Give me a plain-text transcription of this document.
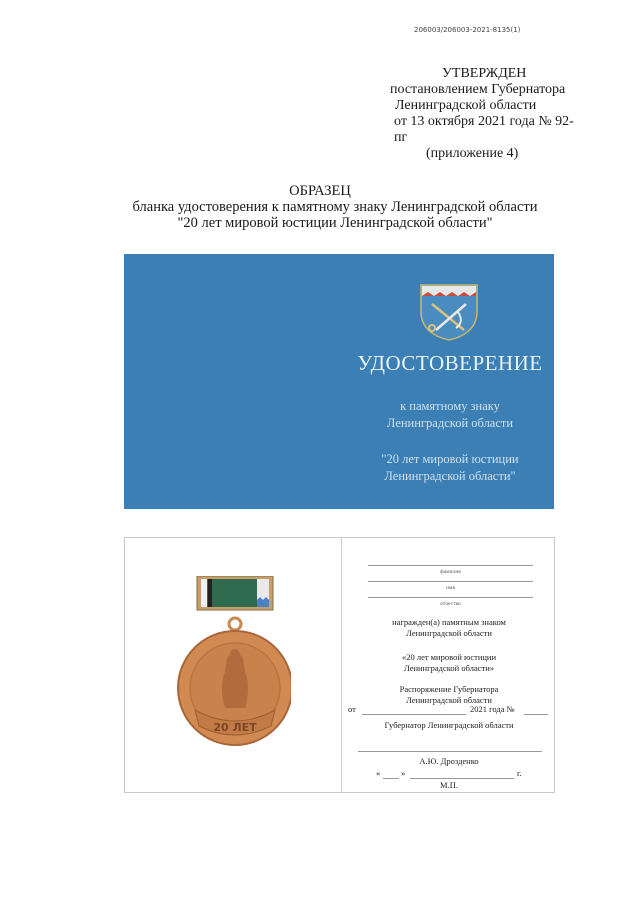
206003/206003-2021-8135(1)
УТВЕРЖДЕН
постановлением Губернатора
Ленинградской области
от 13 октября 2021 года № 92-пг
(приложение 4)
ОБРАЗЕЦ
бланка удостоверения к памятному знаку Ленинградской области
"20 лет мировой юстиции Ленинградской области"
УДОСТОВЕРЕНИЕ
к памятному знаку
Ленинградской области
"20 лет мировой юстиции
Ленинградской области"
20 ЛЕТ
фамилия
имя
отчество
награжден(а) памятным знаком
Ленинградской области
«20 лет мировой юстиции
Ленинградской области»
Распоряжение Губернатора
Ленинградской области
от	2021 года №
Губернатор Ленинградской области
А.Ю. Дрозденко
« »	г.
М.П.
